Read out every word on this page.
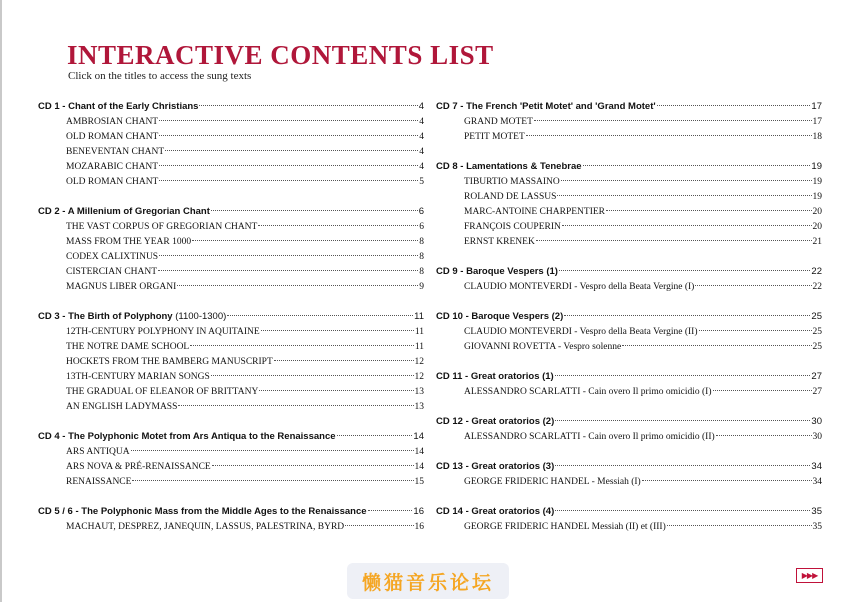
INTERACTIVE CONTENTS LIST
Click on the titles to access the sung texts
CD 1 - Chant of the Early Christians	4
AMBROSIAN CHANT	4
OLD ROMAN CHANT	4
BENEVENTAN CHANT	4
MOZARABIC CHANT	4
OLD ROMAN CHANT	5
CD 2 - A Millenium of Gregorian Chant	6
THE VAST CORPUS OF GREGORIAN CHANT	6
MASS FROM THE YEAR 1000	8
CODEX CALIXTINUS	8
CISTERCIAN CHANT	8
MAGNUS LIBER ORGANI	9
CD 3 - The Birth of Polyphony (1100-1300)	11
12TH-CENTURY POLYPHONY IN AQUITAINE	11
THE NOTRE DAME SCHOOL	11
HOCKETS FROM THE BAMBERG MANUSCRIPT	12
13TH-CENTURY MARIAN SONGS	12
THE GRADUAL OF ELEANOR OF BRITTANY	13
AN ENGLISH LADYMASS	13
CD 4 - The Polyphonic Motet from Ars Antiqua to the Renaissance	14
ARS ANTIQUA	14
ARS NOVA & PRÉ-RENAISSANCE	14
RENAISSANCE	15
CD 5 / 6 - The Polyphonic Mass from the Middle Ages to the Renaissance	16
MACHAUT, DESPREZ, JANEQUIN, LASSUS, PALESTRINA, BYRD	16
CD 7 - The French 'Petit Motet' and 'Grand Motet'	17
GRAND MOTET	17
PETIT MOTET	18
CD 8 - Lamentations & Tenebrae	19
TIBURTIO MASSAINO	19
ROLAND DE LASSUS	19
MARC-ANTOINE CHARPENTIER	20
FRANÇOIS COUPERIN	20
ERNST KRENEK	21
CD 9 - Baroque Vespers (1)	22
CLAUDIO MONTEVERDI - Vespro della Beata Vergine (I)	22
CD 10 - Baroque Vespers (2)	25
CLAUDIO MONTEVERDI - Vespro della Beata Vergine (II)	25
GIOVANNI ROVETTA - Vespro solenne	25
CD 11 - Great oratorios (1)	27
ALESSANDRO SCARLATTI - Cain overo Il primo omicidio (I)	27
CD 12 - Great oratorios (2)	30
ALESSANDRO SCARLATTI - Cain overo Il primo omicidio (II)	30
CD 13 - Great oratorios (3)	34
GEORGE FRIDERIC HANDEL - Messiah (I)	34
CD 14 - Great oratorios (4)	35
GEORGE FRIDERIC HANDEL Messiah (II) et (III)	35
懒猫音乐论坛	▶▶▶
